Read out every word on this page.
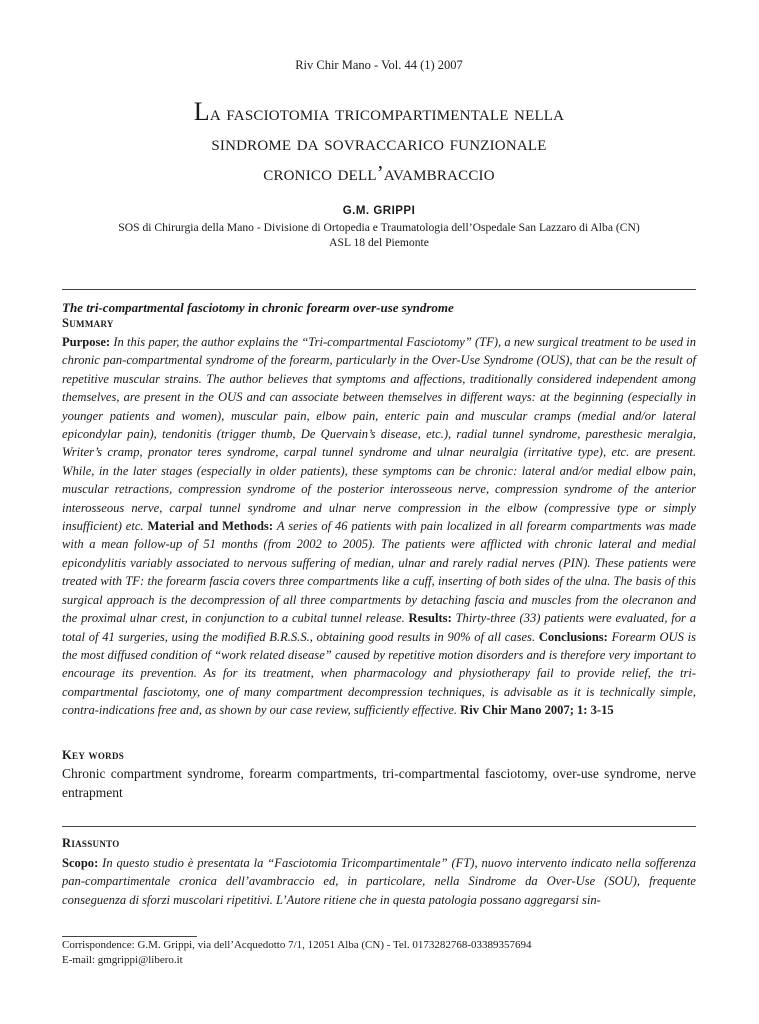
Riv Chir Mano - Vol. 44 (1) 2007
La fasciotomia tricompartimentale nella
sindrome da sovraccarico funzionale
cronico dell’avambraccio
G.M. GRIPPI
SOS di Chirurgia della Mano - Divisione di Ortopedia e Traumatologia dell’Ospedale San Lazzaro di Alba (CN)
ASL 18 del Piemonte
The tri-compartmental fasciotomy in chronic forearm over-use syndrome
Summary

Purpose: In this paper, the author explains the “Tri-compartmental Fasciotomy” (TF), a new surgical treatment to be used in chronic pan-compartmental syndrome of the forearm, particularly in the Over-Use Syndrome (OUS), that can be the result of repetitive muscular strains. The author believes that symptoms and affections, traditionally considered independent among themselves, are present in the OUS and can associate between themselves in different ways: at the beginning (especially in younger patients and women), muscular pain, elbow pain, enteric pain and muscular cramps (medial and/or lateral epicondylar pain), tendonitis (trigger thumb, De Quervain’s disease, etc.), radial tunnel syndrome, paresthesic meralgia, Writer’s cramp, pronator teres syndrome, carpal tunnel syndrome and ulnar neuralgia (irritative type), etc. are present. While, in the later stages (especially in older patients), these symptoms can be chronic: lateral and/or medial elbow pain, muscular retractions, compression syndrome of the posterior interosseous nerve, compression syndrome of the anterior interosseous nerve, carpal tunnel syndrome and ulnar nerve compression in the elbow (compressive type or simply insufficient) etc. Material and Methods: A series of 46 patients with pain localized in all forearm compartments was made with a mean follow-up of 51 months (from 2002 to 2005). The patients were afflicted with chronic lateral and medial epicondylitis variably associated to nervous suffering of median, ulnar and rarely radial nerves (PIN). These patients were treated with TF: the forearm fascia covers three compartments like a cuff, inserting of both sides of the ulna. The basis of this surgical approach is the decompression of all three compartments by detaching fascia and muscles from the olecranon and the proximal ulnar crest, in conjunction to a cubital tunnel release. Results: Thirty-three (33) patients were evaluated, for a total of 41 surgeries, using the modified B.R.S.S., obtaining good results in 90% of all cases. Conclusions: Forearm OUS is the most diffused condition of “work related disease” caused by repetitive motion disorders and is therefore very important to encourage its prevention. As for its treatment, when pharmacology and physiotherapy fail to provide relief, the tri-compartmental fasciotomy, one of many compartment decompression techniques, is advisable as it is technically simple, contra-indications free and, as shown by our case review, sufficiently effective. Riv Chir Mano 2007; 1: 3-15

Key words

Chronic compartment syndrome, forearm compartments, tri-compartmental fasciotomy, over-use syndrome, nerve entrapment

Riassunto

Scopo: In questo studio è presentata la “Fasciotomia Tricompartimentale” (FT), nuovo intervento indicato nella sofferenza pan-compartimentale cronica dell’avambraccio ed, in particolare, nella Sindrome da Over-Use (SOU), frequente conseguenza di sforzi muscolari ripetitivi. L’Autore ritiene che in questa patologia possano aggregarsi sin-

Corrispondence: G.M. Grippi, via dell’Acquedotto 7/1, 12051 Alba (CN) - Tel. 0173282768-03389357694
E-mail: gmgrippi@libero.it
